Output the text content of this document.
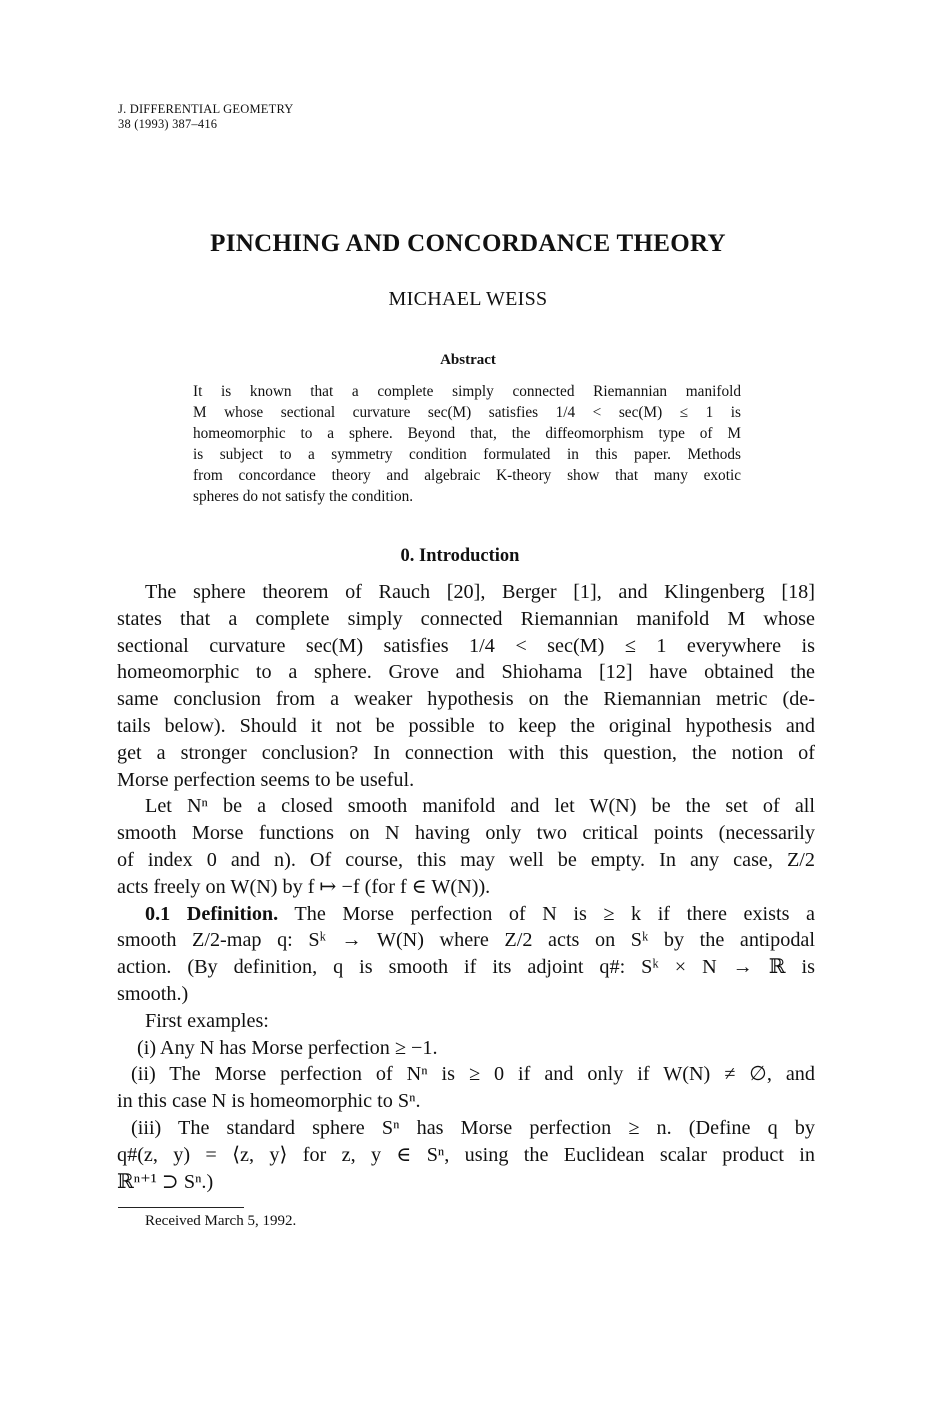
J. DIFFERENTIAL GEOMETRY
38 (1993) 387–416
PINCHING AND CONCORDANCE THEORY
MICHAEL WEISS
Abstract
It is known that a complete simply connected Riemannian manifold
M whose sectional curvature sec(M) satisfies 1/4 < sec(M) ≤ 1 is
homeomorphic to a sphere. Beyond that, the diffeomorphism type of M
is subject to a symmetry condition formulated in this paper. Methods
from concordance theory and algebraic K-theory show that many exotic
spheres do not satisfy the condition.
0. Introduction
The sphere theorem of Rauch [20], Berger [1], and Klingenberg [18]
states that a complete simply connected Riemannian manifold M whose
sectional curvature sec(M) satisfies 1/4 < sec(M) ≤ 1 everywhere is
homeomorphic to a sphere. Grove and Shiohama [12] have obtained the
same conclusion from a weaker hypothesis on the Riemannian metric (de-
tails below). Should it not be possible to keep the original hypothesis and
get a stronger conclusion? In connection with this question, the notion of
Morse perfection seems to be useful.
Let Nⁿ be a closed smooth manifold and let W(N) be the set of all
smooth Morse functions on N having only two critical points (necessarily
of index 0 and n). Of course, this may well be empty. In any case, Z/2
acts freely on W(N) by f ↦ −f (for f ∈ W(N)).
0.1 Definition. The Morse perfection of N is ≥ k if there exists a
smooth Z/2-map q: Sᵏ → W(N) where Z/2 acts on Sᵏ by the antipodal
action. (By definition, q is smooth if its adjoint q#: Sᵏ × N → ℝ is
smooth.)
First examples:
(i) Any N has Morse perfection ≥ −1.
(ii) The Morse perfection of Nⁿ is ≥ 0 if and only if W(N) ≠ ∅, and
in this case N is homeomorphic to Sⁿ.
(iii) The standard sphere Sⁿ has Morse perfection ≥ n. (Define q by
q#(z, y) = ⟨z, y⟩ for z, y ∈ Sⁿ, using the Euclidean scalar product in
ℝⁿ⁺¹ ⊃ Sⁿ.)
Received March 5, 1992.
